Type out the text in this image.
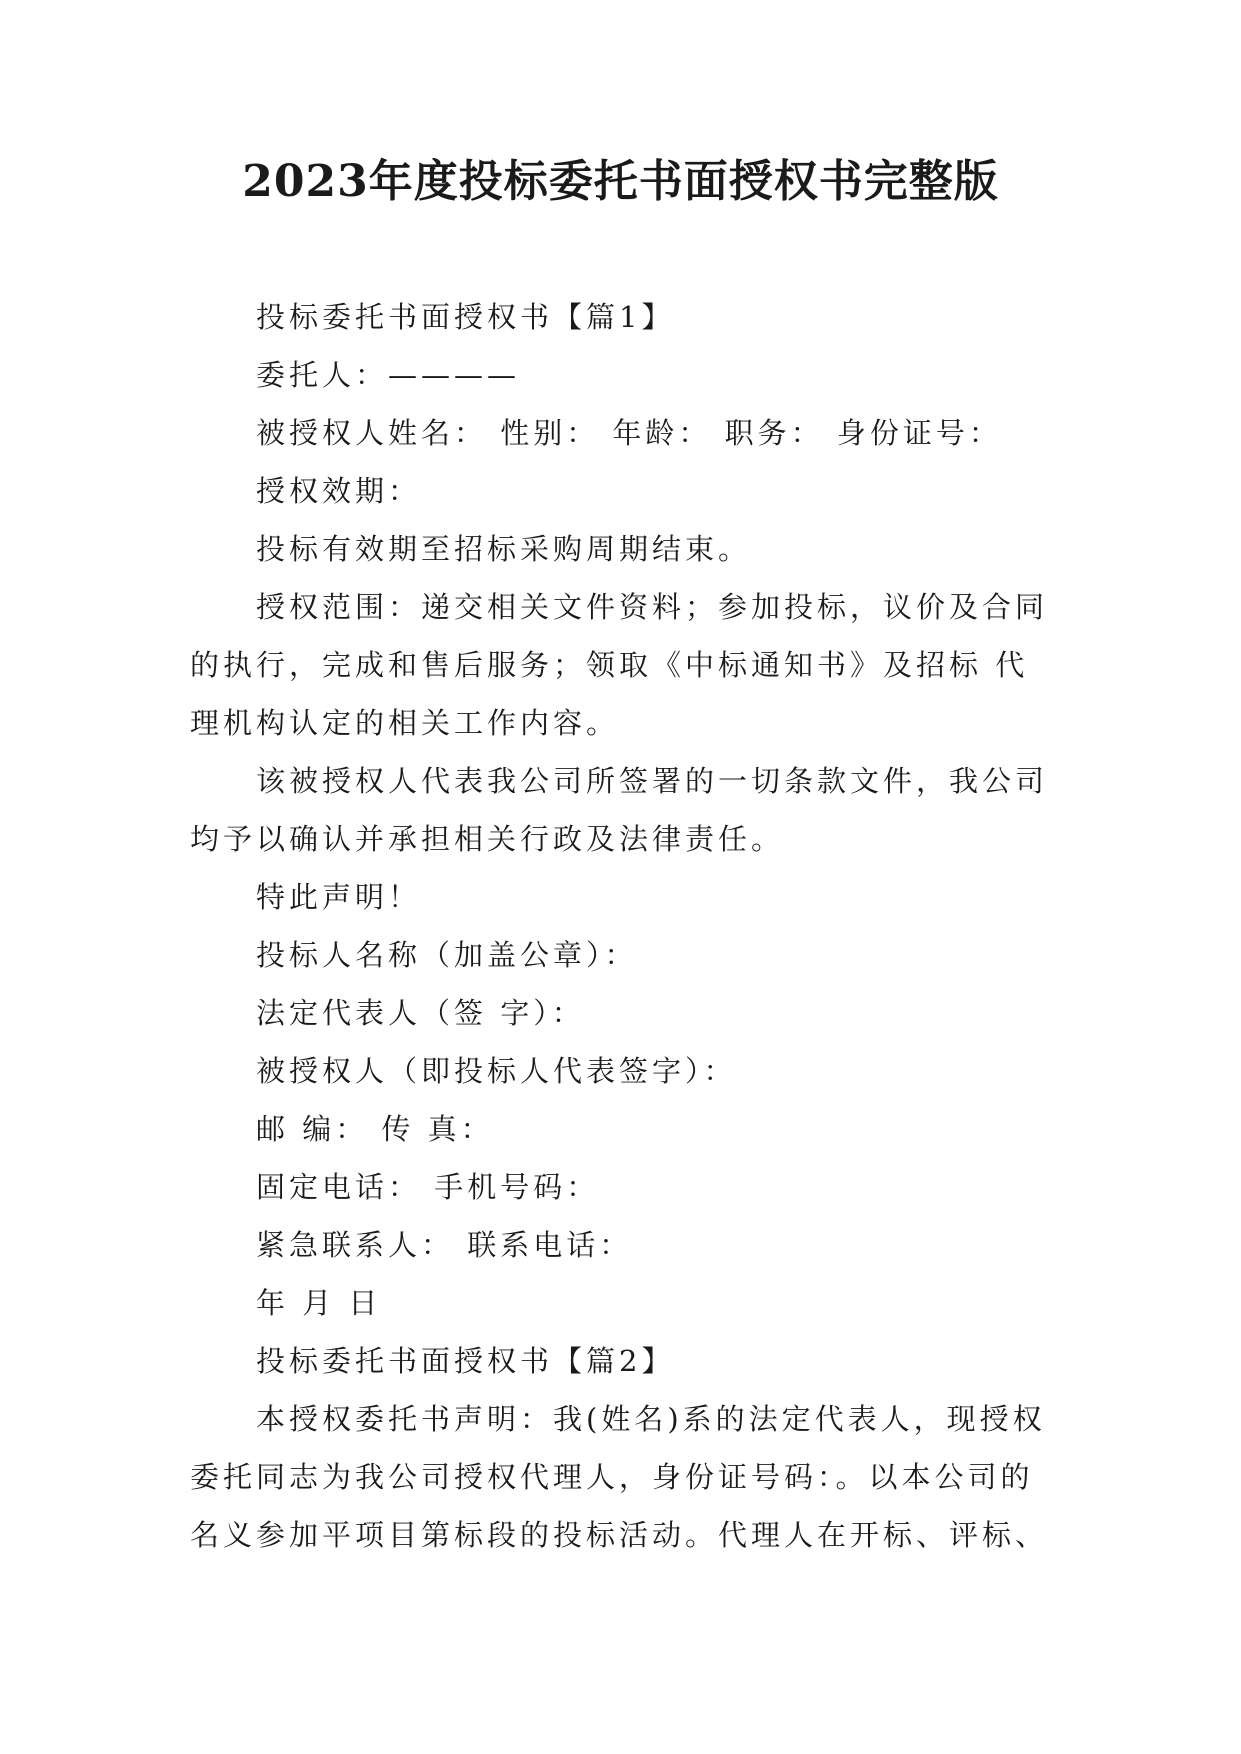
2023年度投标委托书面授权书完整版

投标委托书面授权书【篇1】

委托人：————

被授权人姓名： 性别： 年龄： 职务： 身份证号：

授权效期：

投标有效期至招标采购周期结束。

授权范围：递交相关文件资料；参加投标，议价及合同的执行，完成和售后服务；领取《中标通知书》及招标 代理机构认定的相关工作内容。

该被授权人代表我公司所签署的一切条款文件，我公司均予以确认并承担相关行政及法律责任。

特此声明！

投标人名称（加盖公章）：

法定代表人（签 字）：

被授权人（即投标人代表签字）：

邮 编： 传 真：

固定电话： 手机号码：

紧急联系人： 联系电话：

年 月 日

投标委托书面授权书【篇2】

本授权委托书声明：我(姓名)系的法定代表人，现授权委托同志为我公司授权代理人，身份证号码：。以本公司的名义参加平项目第标段的投标活动。代理人在开标、评标、
